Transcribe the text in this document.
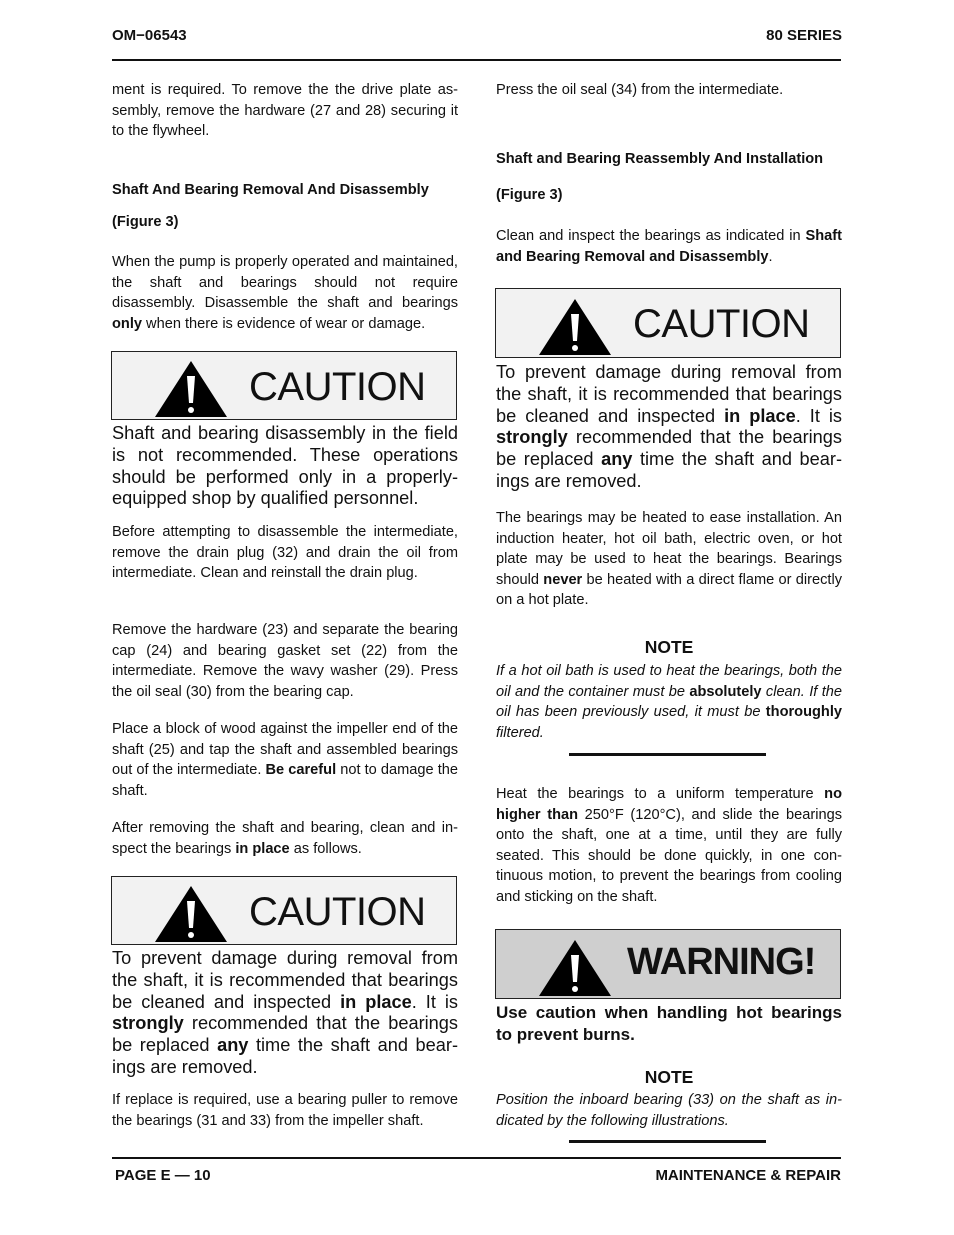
OM−06543	80 SERIES

ment is required. To remove the the drive plate assembly, remove the hardware (27 and 28) securing it to the flywheel.

Shaft And Bearing Removal And Disassembly
(Figure 3)

When the pump is properly operated and maintained, the shaft and bearings should not require disassembly. Disassemble the shaft and bearings only when there is evidence of wear or damage.

CAUTION
Shaft and bearing disassembly in the field is not recommended. These operations should be performed only in a properly-equipped shop by qualified personnel.

Before attempting to disassemble the intermediate, remove the drain plug (32) and drain the oil from intermediate. Clean and reinstall the drain plug.

Remove the hardware (23) and separate the bearing cap (24) and bearing gasket set (22) from the intermediate. Remove the wavy washer (29). Press the oil seal (30) from the bearing cap.

Place a block of wood against the impeller end of the shaft (25) and tap the shaft and assembled bearings out of the intermediate. Be careful not to damage the shaft.

After removing the shaft and bearing, clean and inspect the bearings in place as follows.

CAUTION
To prevent damage during removal from the shaft, it is recommended that bearings be cleaned and inspected in place. It is strongly recommended that the bearings be replaced any time the shaft and bearings are removed.

If replace is required, use a bearing puller to remove the bearings (31 and 33) from the impeller shaft.

Press the oil seal (34) from the intermediate.

Shaft and Bearing Reassembly And Installation
(Figure 3)

Clean and inspect the bearings as indicated in Shaft and Bearing Removal and Disassembly.

CAUTION
To prevent damage during removal from the shaft, it is recommended that bearings be cleaned and inspected in place. It is strongly recommended that the bearings be replaced any time the shaft and bearings are removed.

The bearings may be heated to ease installation. An induction heater, hot oil bath, electric oven, or hot plate may be used to heat the bearings. Bearings should never be heated with a direct flame or directly on a hot plate.

NOTE
If a hot oil bath is used to heat the bearings, both the oil and the container must be absolutely clean. If the oil has been previously used, it must be thoroughly filtered.

Heat the bearings to a uniform temperature no higher than 250°F (120°C), and slide the bearings onto the shaft, one at a time, until they are fully seated. This should be done quickly, in one continuous motion, to prevent the bearings from cooling and sticking on the shaft.

WARNING!
Use caution when handling hot bearings to prevent burns.
NOTE
Position the inboard bearing (33) on the shaft as indicated by the following illustrations.
PAGE E — 10	MAINTENANCE & REPAIR
